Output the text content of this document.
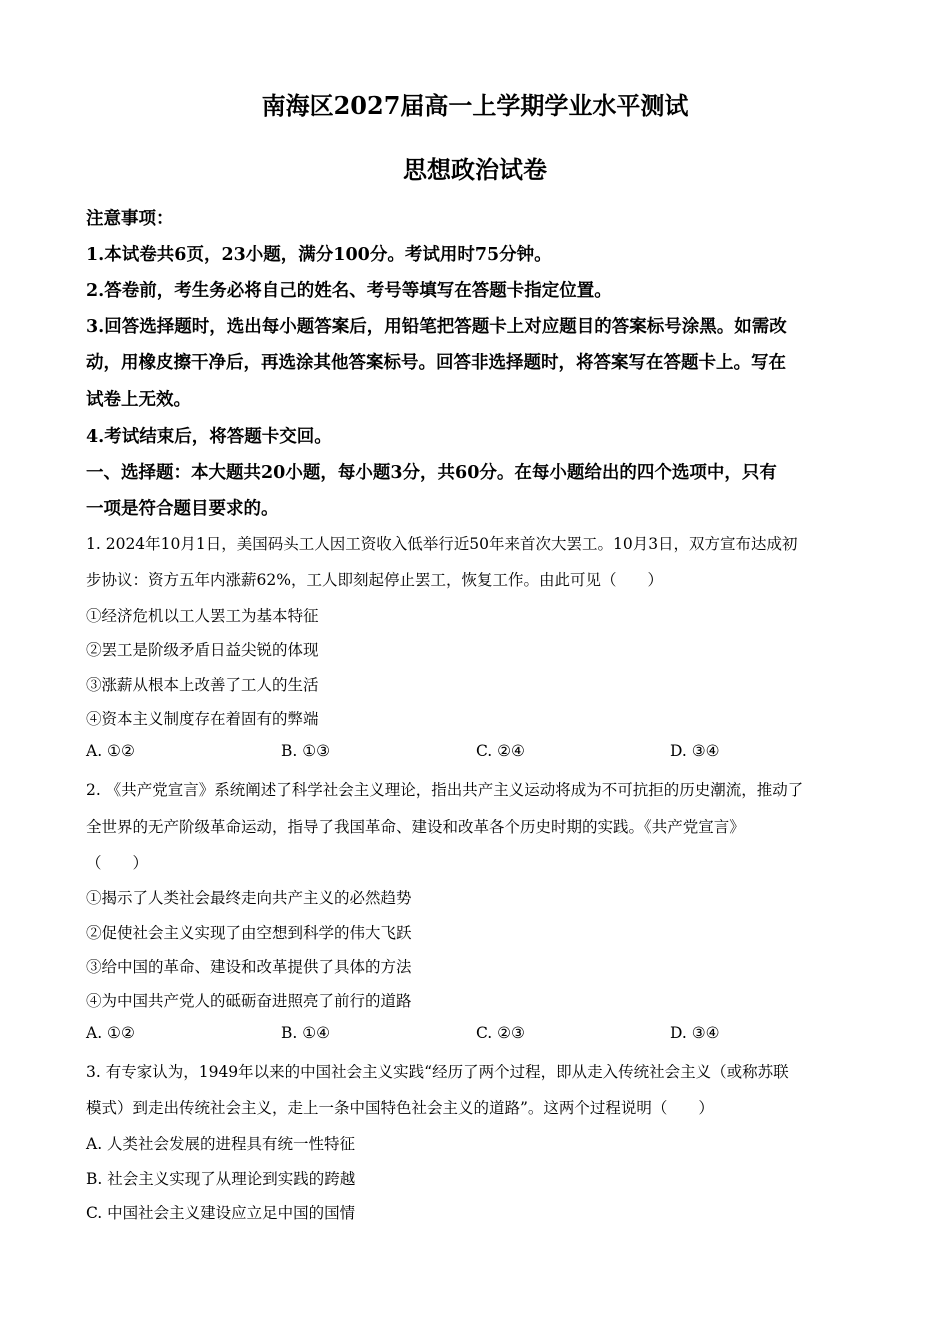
南海区2027届高一上学期学业水平测试
思想政治试卷
注意事项：
1.本试卷共6页，23小题，满分100分。考试用时75分钟。
2.答卷前，考生务必将自己的姓名、考号等填写在答题卡指定位置。
3.回答选择题时，选出每小题答案后，用铅笔把答题卡上对应题目的答案标号涂黑。如需改
动，用橡皮擦干净后，再选涂其他答案标号。回答非选择题时，将答案写在答题卡上。写在
试卷上无效。
4.考试结束后，将答题卡交回。
一、选择题：本大题共20小题，每小题3分，共60分。在每小题给出的四个选项中，只有
一项是符合题目要求的。
1. 2024年10月1日，美国码头工人因工资收入低举行近50年来首次大罢工。10月3日，双方宣布达成初
步协议：资方五年内涨薪62%，工人即刻起停止罢工，恢复工作。由此可见（　　）
①经济危机以工人罢工为基本特征
②罢工是阶级矛盾日益尖锐的体现
③涨薪从根本上改善了工人的生活
④资本主义制度存在着固有的弊端
A. ①②	B. ①③	C. ②④	D. ③④
2. 《共产党宣言》系统阐述了科学社会主义理论，指出共产主义运动将成为不可抗拒的历史潮流，推动了
全世界的无产阶级革命运动，指导了我国革命、建设和改革各个历史时期的实践。《共产党宣言》
（　　）
①揭示了人类社会最终走向共产主义的必然趋势
②促使社会主义实现了由空想到科学的伟大飞跃
③给中国的革命、建设和改革提供了具体的方法
④为中国共产党人的砥砺奋进照亮了前行的道路
A. ①②	B. ①④	C. ②③	D. ③④
3. 有专家认为，1949年以来的中国社会主义实践“经历了两个过程，即从走入传统社会主义（或称苏联
模式）到走出传统社会主义，走上一条中国特色社会主义的道路”。这两个过程说明（　　）
A. 人类社会发展的进程具有统一性特征
B. 社会主义实现了从理论到实践的跨越
C. 中国社会主义建设应立足中国的国情
